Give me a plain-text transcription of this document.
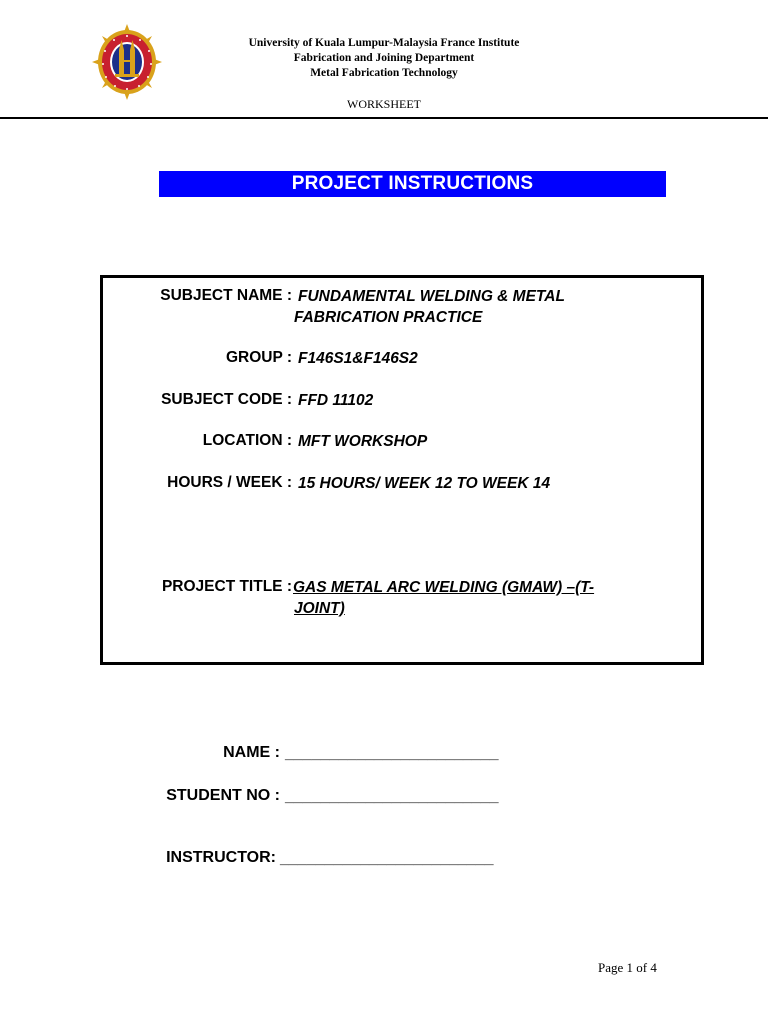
University of Kuala Lumpur-Malaysia France Institute
Fabrication and Joining Department
Metal Fabrication Technology
WORKSHEET
PROJECT INSTRUCTIONS
SUBJECT NAME : FUNDAMENTAL WELDING & METAL
FABRICATION PRACTICE
GROUP : F146S1&F146S2
SUBJECT CODE : FFD 11102
LOCATION : MFT WORKSHOP
HOURS / WEEK : 15 HOURS/ WEEK 12 TO WEEK 14
PROJECT TITLE : GAS METAL ARC WELDING (GMAW) –(T-
JOINT)
NAME : ________________________
STUDENT NO : ________________________
INSTRUCTOR: ________________________
Page 1 of 4
